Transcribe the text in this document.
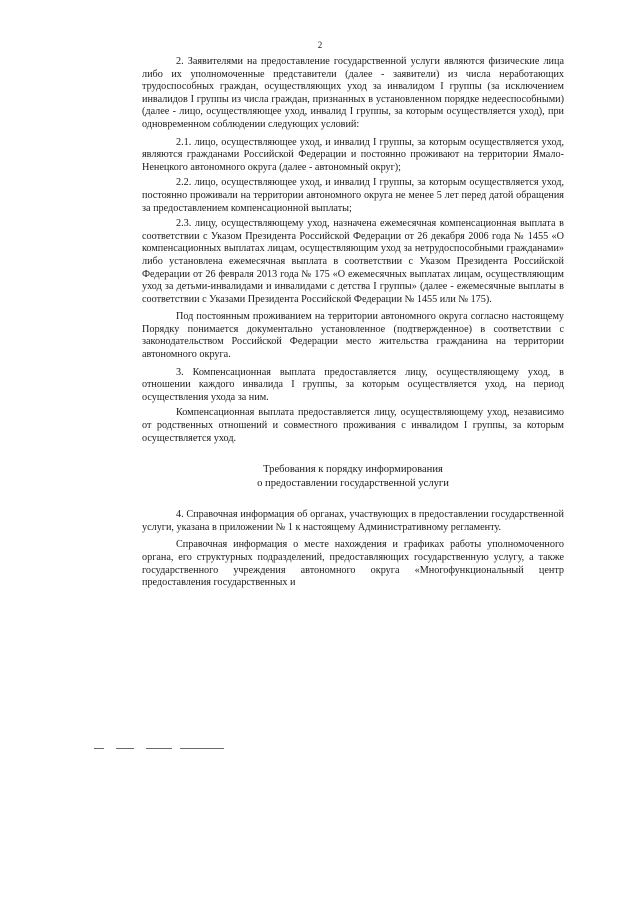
2

2. Заявителями на предоставление государственной услуги являются физические лица либо их уполномоченные представители (далее - заявители) из числа неработающих трудоспособных граждан, осуществляющих уход за инвалидом I группы (за исключением инвалидов I группы из числа граждан, признанных в установленном порядке недееспособными) (далее - лицо, осуществляющее уход, инвалид I группы, за которым осуществляется уход), при одновременном соблюдении следующих условий:

2.1. лицо, осуществляющее уход, и инвалид I группы, за которым осуществляется уход, являются гражданами Российской Федерации и постоянно проживают на территории Ямало-Ненецкого автономного округа (далее - автономный округ);

2.2. лицо, осуществляющее уход, и инвалид I группы, за которым осуществляется уход, постоянно проживали на территории автономного округа не менее 5 лет перед датой обращения за предоставлением компенсационной выплаты;

2.3. лицу, осуществляющему уход, назначена ежемесячная компенсационная выплата в соответствии с Указом Президента Российской Федерации от 26 декабря 2006 года № 1455 «О компенсационных выплатах лицам, осуществляющим уход за нетрудоспособными гражданами» либо установлена ежемесячная выплата в соответствии с Указом Президента Российской Федерации от 26 февраля 2013 года № 175 «О ежемесячных выплатах лицам, осуществляющим уход за детьми-инвалидами и инвалидами с детства I группы» (далее - ежемесячные выплаты в соответствии с Указами Президента Российской Федерации № 1455 или № 175).

Под постоянным проживанием на территории автономного округа согласно настоящему Порядку понимается документально установленное (подтвержденное) в соответствии с законодательством Российской Федерации место жительства гражданина на территории автономного округа.

3. Компенсационная выплата предоставляется лицу, осуществляющему уход, в отношении каждого инвалида I группы, за которым осуществляется уход, на период осуществления ухода за ним.

Компенсационная выплата предоставляется лицу, осуществляющему уход, независимо от родственных отношений и совместного проживания с инвалидом I группы, за которым осуществляется уход.

Требования к порядку информирования
о предоставлении государственной услуги

4. Справочная информация об органах, участвующих в предоставлении государственной услуги, указана в приложении № 1 к настоящему Административному регламенту.

Справочная информация о месте нахождения и графиках работы уполномоченного органа, его структурных подразделений, предоставляющих государственную услугу, а также государственного учреждения автономного округа «Многофункциональный центр предоставления государственных и
